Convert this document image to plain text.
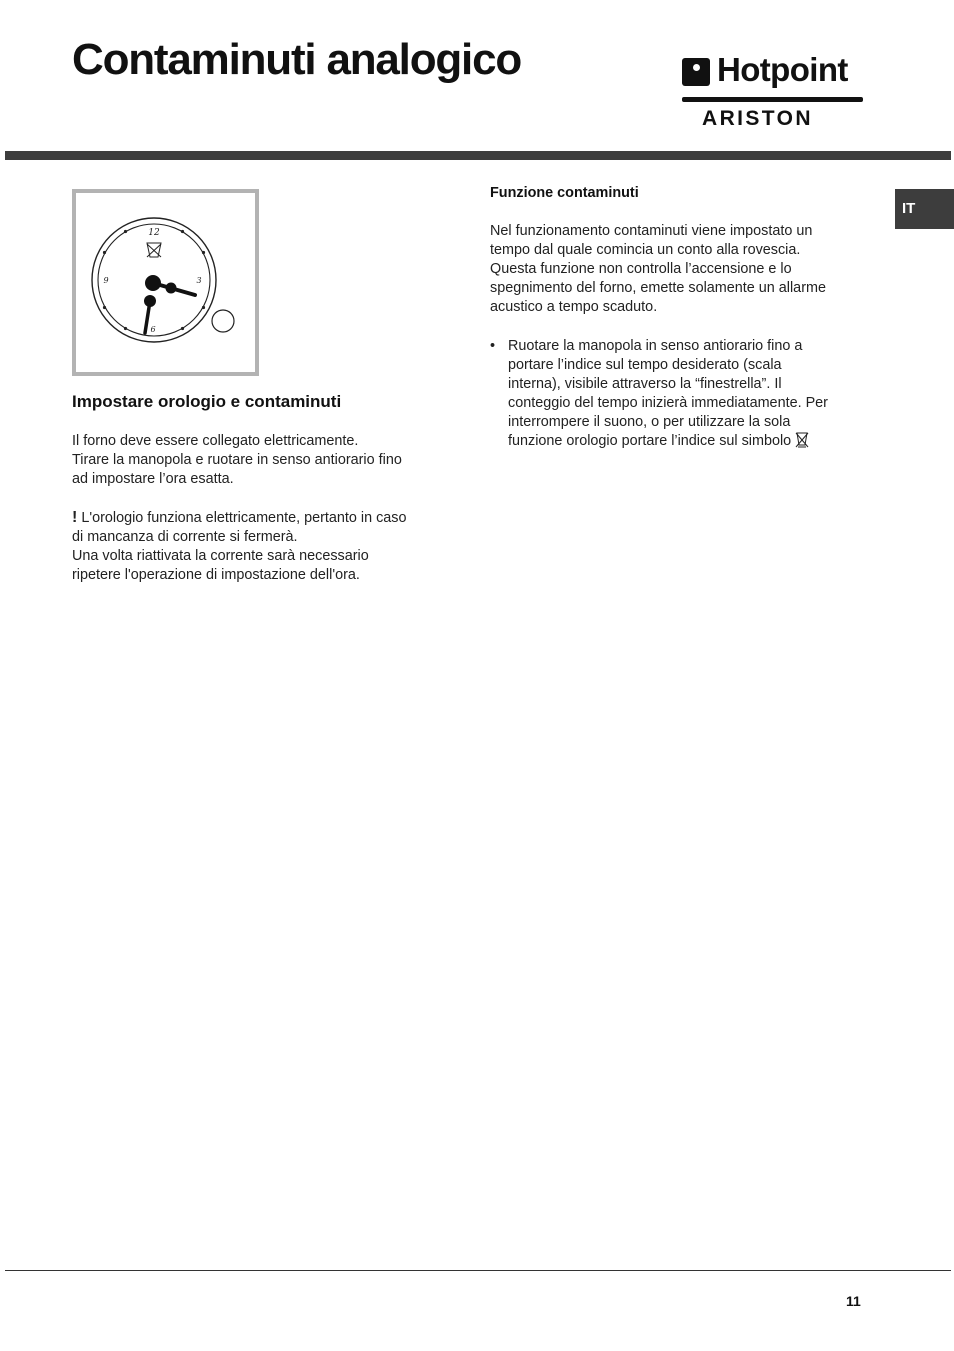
Contaminuti analogico	Hotpoint
ARISTON
IT
12
3
6
9
Impostare orologio e contaminuti

Il forno deve essere collegato elettricamente.
Tirare la manopola e ruotare in senso antiorario fino
ad impostare l’ora esatta.

! L'orologio funziona elettricamente, pertanto in caso
di mancanza di corrente si fermerà.
Una volta riattivata la corrente sarà necessario
ripetere l'operazione di impostazione dell'ora.

Funzione contaminuti

Nel funzionamento contaminuti viene impostato un
tempo dal quale comincia un conto alla rovescia.
Questa funzione non controlla l’accensione e lo
spegnimento del forno, emette solamente un allarme
acustico a tempo scaduto.

• Ruotare la manopola in senso antiorario fino a
portare l’indice sul tempo desiderato (scala
interna), visibile attraverso la “finestrella”. Il
conteggio del tempo inizierà immediatamente. Per
interrompere il suono, o per utilizzare la sola
funzione orologio portare l’indice sul simbolo
11
